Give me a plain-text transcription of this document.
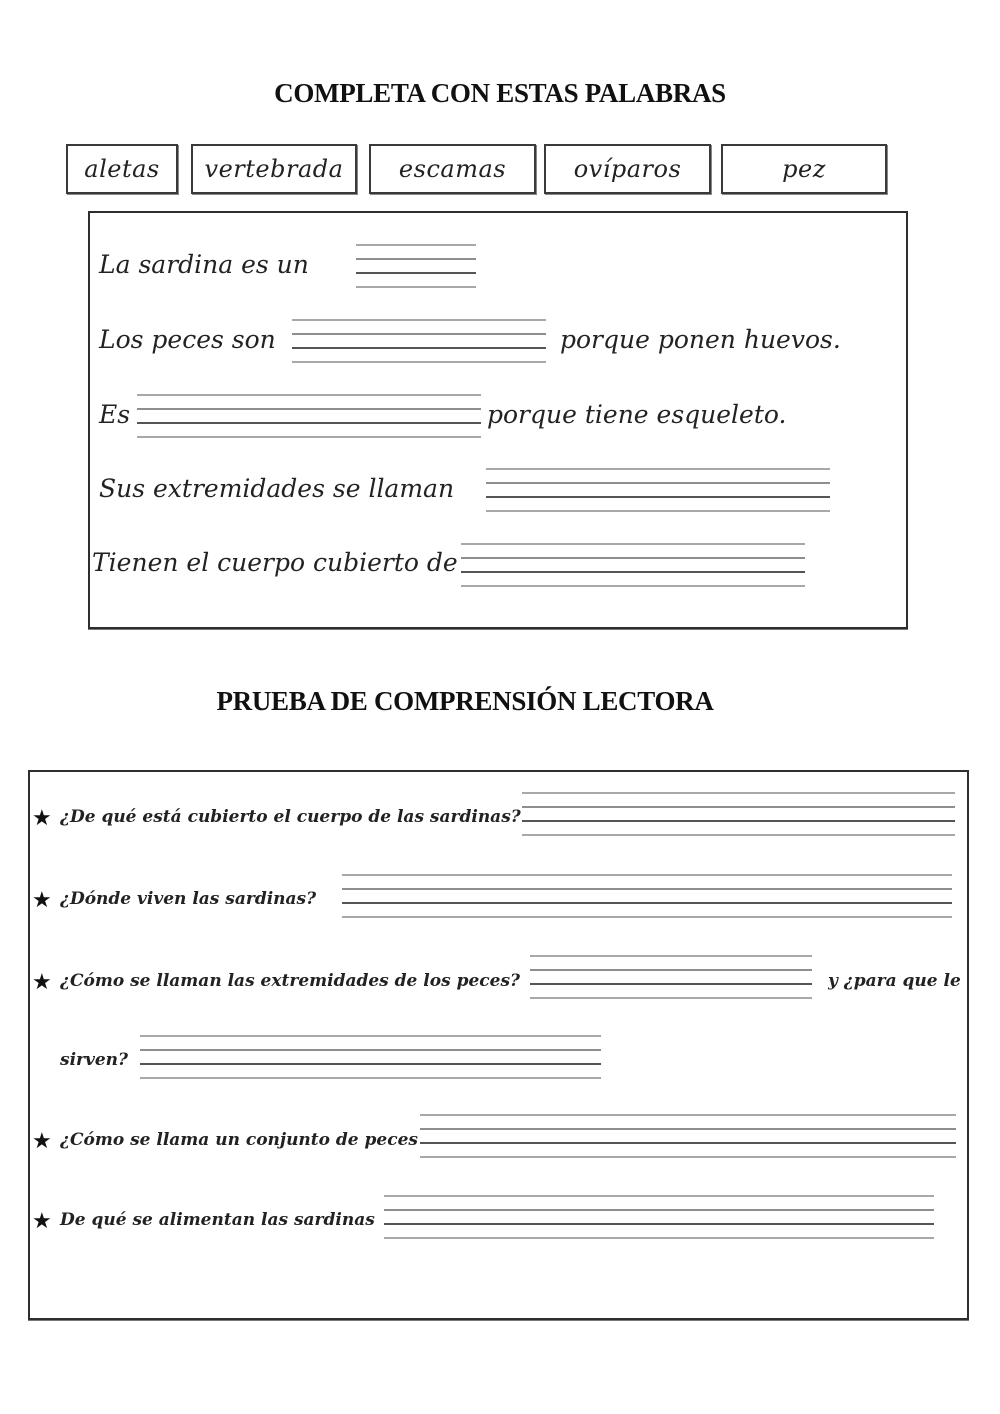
COMPLETA CON ESTAS PALABRAS
aletas	vertebrada	escamas	ovíparos	pez
La sardina es un
Los peces son	porque ponen huevos.
Es	porque tiene esqueleto.
Sus extremidades se llaman
Tienen el cuerpo cubierto de
PRUEBA DE COMPRENSIÓN LECTORA
★ ¿De qué está cubierto el cuerpo de las sardinas?
★ ¿Dónde viven las sardinas?
★ ¿Cómo se llaman las extremidades de los peces?	y ¿para que le
sirven?
★ ¿Cómo se llama un conjunto de peces
★ De qué se alimentan las sardinas
